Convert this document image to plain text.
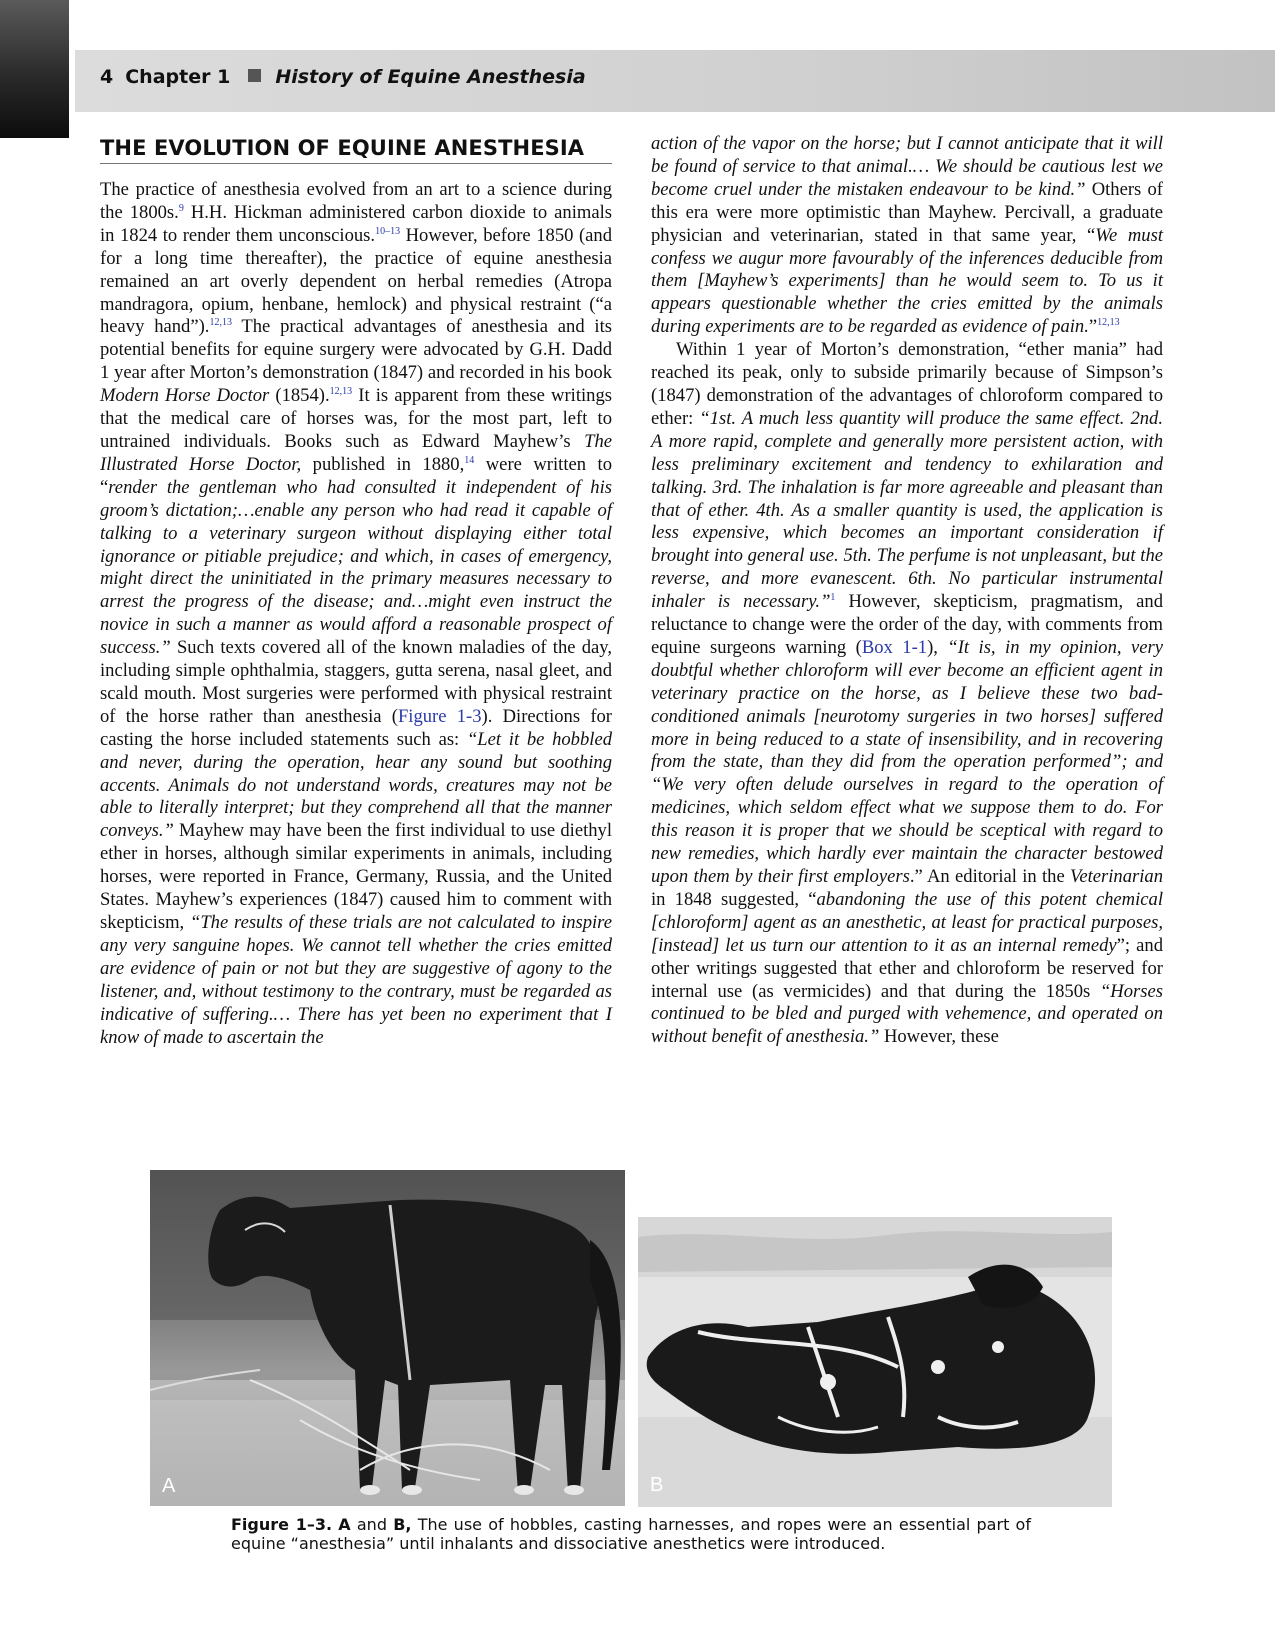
4 Chapter 1 History of Equine Anesthesia
THE EVOLUTION OF EQUINE ANESTHESIA

The practice of anesthesia evolved from an art to a science during the 1800s.$^9$ H.H. Hickman administered carbon dioxide to animals in 1824 to render them unconscious.$^{10-13}$ However, before 1850 (and for a long time thereafter), the practice of equine anesthesia remained an art overly dependent on herbal remedies (Atropa mandragora, opium, henbane, hemlock) and physical restraint (“a heavy hand”).$^{12,13}$ The practical advantages of anesthesia and its potential benefits for equine surgery were advocated by G.H. Dadd 1 year after Morton’s demonstration (1847) and recorded in his book Modern Horse Doctor (1854).$^{12,13}$ It is apparent from these writings that the medical care of horses was, for the most part, left to untrained individuals. Books such as Edward Mayhew’s The Illustrated Horse Doctor, published in 1880,14 were written to “render the gentleman who had consulted it independent of his groom’s dictation;…enable any person who had read it capable of talking to a veterinary surgeon without displaying either total ignorance or pitiable prejudice; and which, in cases of emergency, might direct the uninitiated in the primary measures necessary to arrest the progress of the disease; and…might even instruct the novice in such a manner as would afford a reasonable prospect of success.” Such texts covered all of the known maladies of the day, including simple ophthalmia, staggers, gutta serena, nasal gleet, and scald mouth. Most surgeries were performed with physical restraint of the horse rather than anesthesia (Figure 1-3). Directions for casting the horse included statements such as: “Let it be hobbled and never, during the operation, hear any sound but soothing accents. Animals do not understand words, creatures may not be able to literally interpret; but they comprehend all that the manner conveys.” Mayhew may have been the first individual to use diethyl ether in horses, although similar experiments in animals, including horses, were reported in France, Germany, Russia, and the United States. Mayhew’s experiences (1847) caused him to comment with skepticism, “The results of these trials are not calculated to inspire any very sanguine hopes. We cannot tell whether the cries emitted are evidence of pain or not but they are suggestive of agony to the listener, and, without testimony to the contrary, must be regarded as indicative of suffering.… There has yet been no experiment that I know of made to ascertain the

action of the vapor on the horse; but I cannot anticipate that it will be found of service to that animal.… We should be cautious lest we become cruel under the mistaken endeavour to be kind.” Others of this era were more optimistic than Mayhew. Percivall, a graduate physician and veterinarian, stated in that same year, “We must confess we augur more favourably of the inferences deducible from them [Mayhew’s experiments] than he would seem to. To us it appears questionable whether the cries emitted by the animals during experiments are to be regarded as evidence of pain.”$^{12,13}$

Within 1 year of Morton’s demonstration, “ether mania” had reached its peak, only to subside primarily because of Simpson’s (1847) demonstration of the advantages of chloroform compared to ether: “1st. A much less quantity will produce the same effect. 2nd. A more rapid, complete and generally more persistent action, with less preliminary excitement and tendency to exhilaration and talking. 3rd. The inhalation is far more agreeable and pleasant than that of ether. 4th. As a smaller quantity is used, the application is less expensive, which becomes an important consideration if brought into general use. 5th. The perfume is not unpleasant, but the reverse, and more evanescent. 6th. No particular instrumental inhaler is necessary.”$^1$ However, skepticism, pragmatism, and reluctance to change were the order of the day, with comments from equine surgeons warning (Box 1-1), “It is, in my opinion, very doubtful whether chloroform will ever become an efficient agent in veterinary practice on the horse, as I believe these two bad-conditioned animals [neurotomy surgeries in two horses] suffered more in being reduced to a state of insensibility, and in recovering from the state, than they did from the operation performed”; and “We very often delude ourselves in regard to the operation of medicines, which seldom effect what we suppose them to do. For this reason it is proper that we should be sceptical with regard to new remedies, which hardly ever maintain the character bestowed upon them by their first employers.” An editorial in the Veterinarian in 1848 suggested, “abandoning the use of this potent chemical [chloroform] agent as an anesthetic, at least for practical purposes, [instead] let us turn our attention to it as an internal remedy”; and other writings suggested that ether and chloroform be reserved for internal use (as vermicides) and that during the 1850s “Horses continued to be bled and purged with vehemence, and operated on without benefit of anesthesia.” However, these

A	B
Figure 1–3. A and B, The use of hobbles, casting harnesses, and ropes were an essential part of equine “anesthesia” until inhalants and dissociative anesthetics were introduced.
